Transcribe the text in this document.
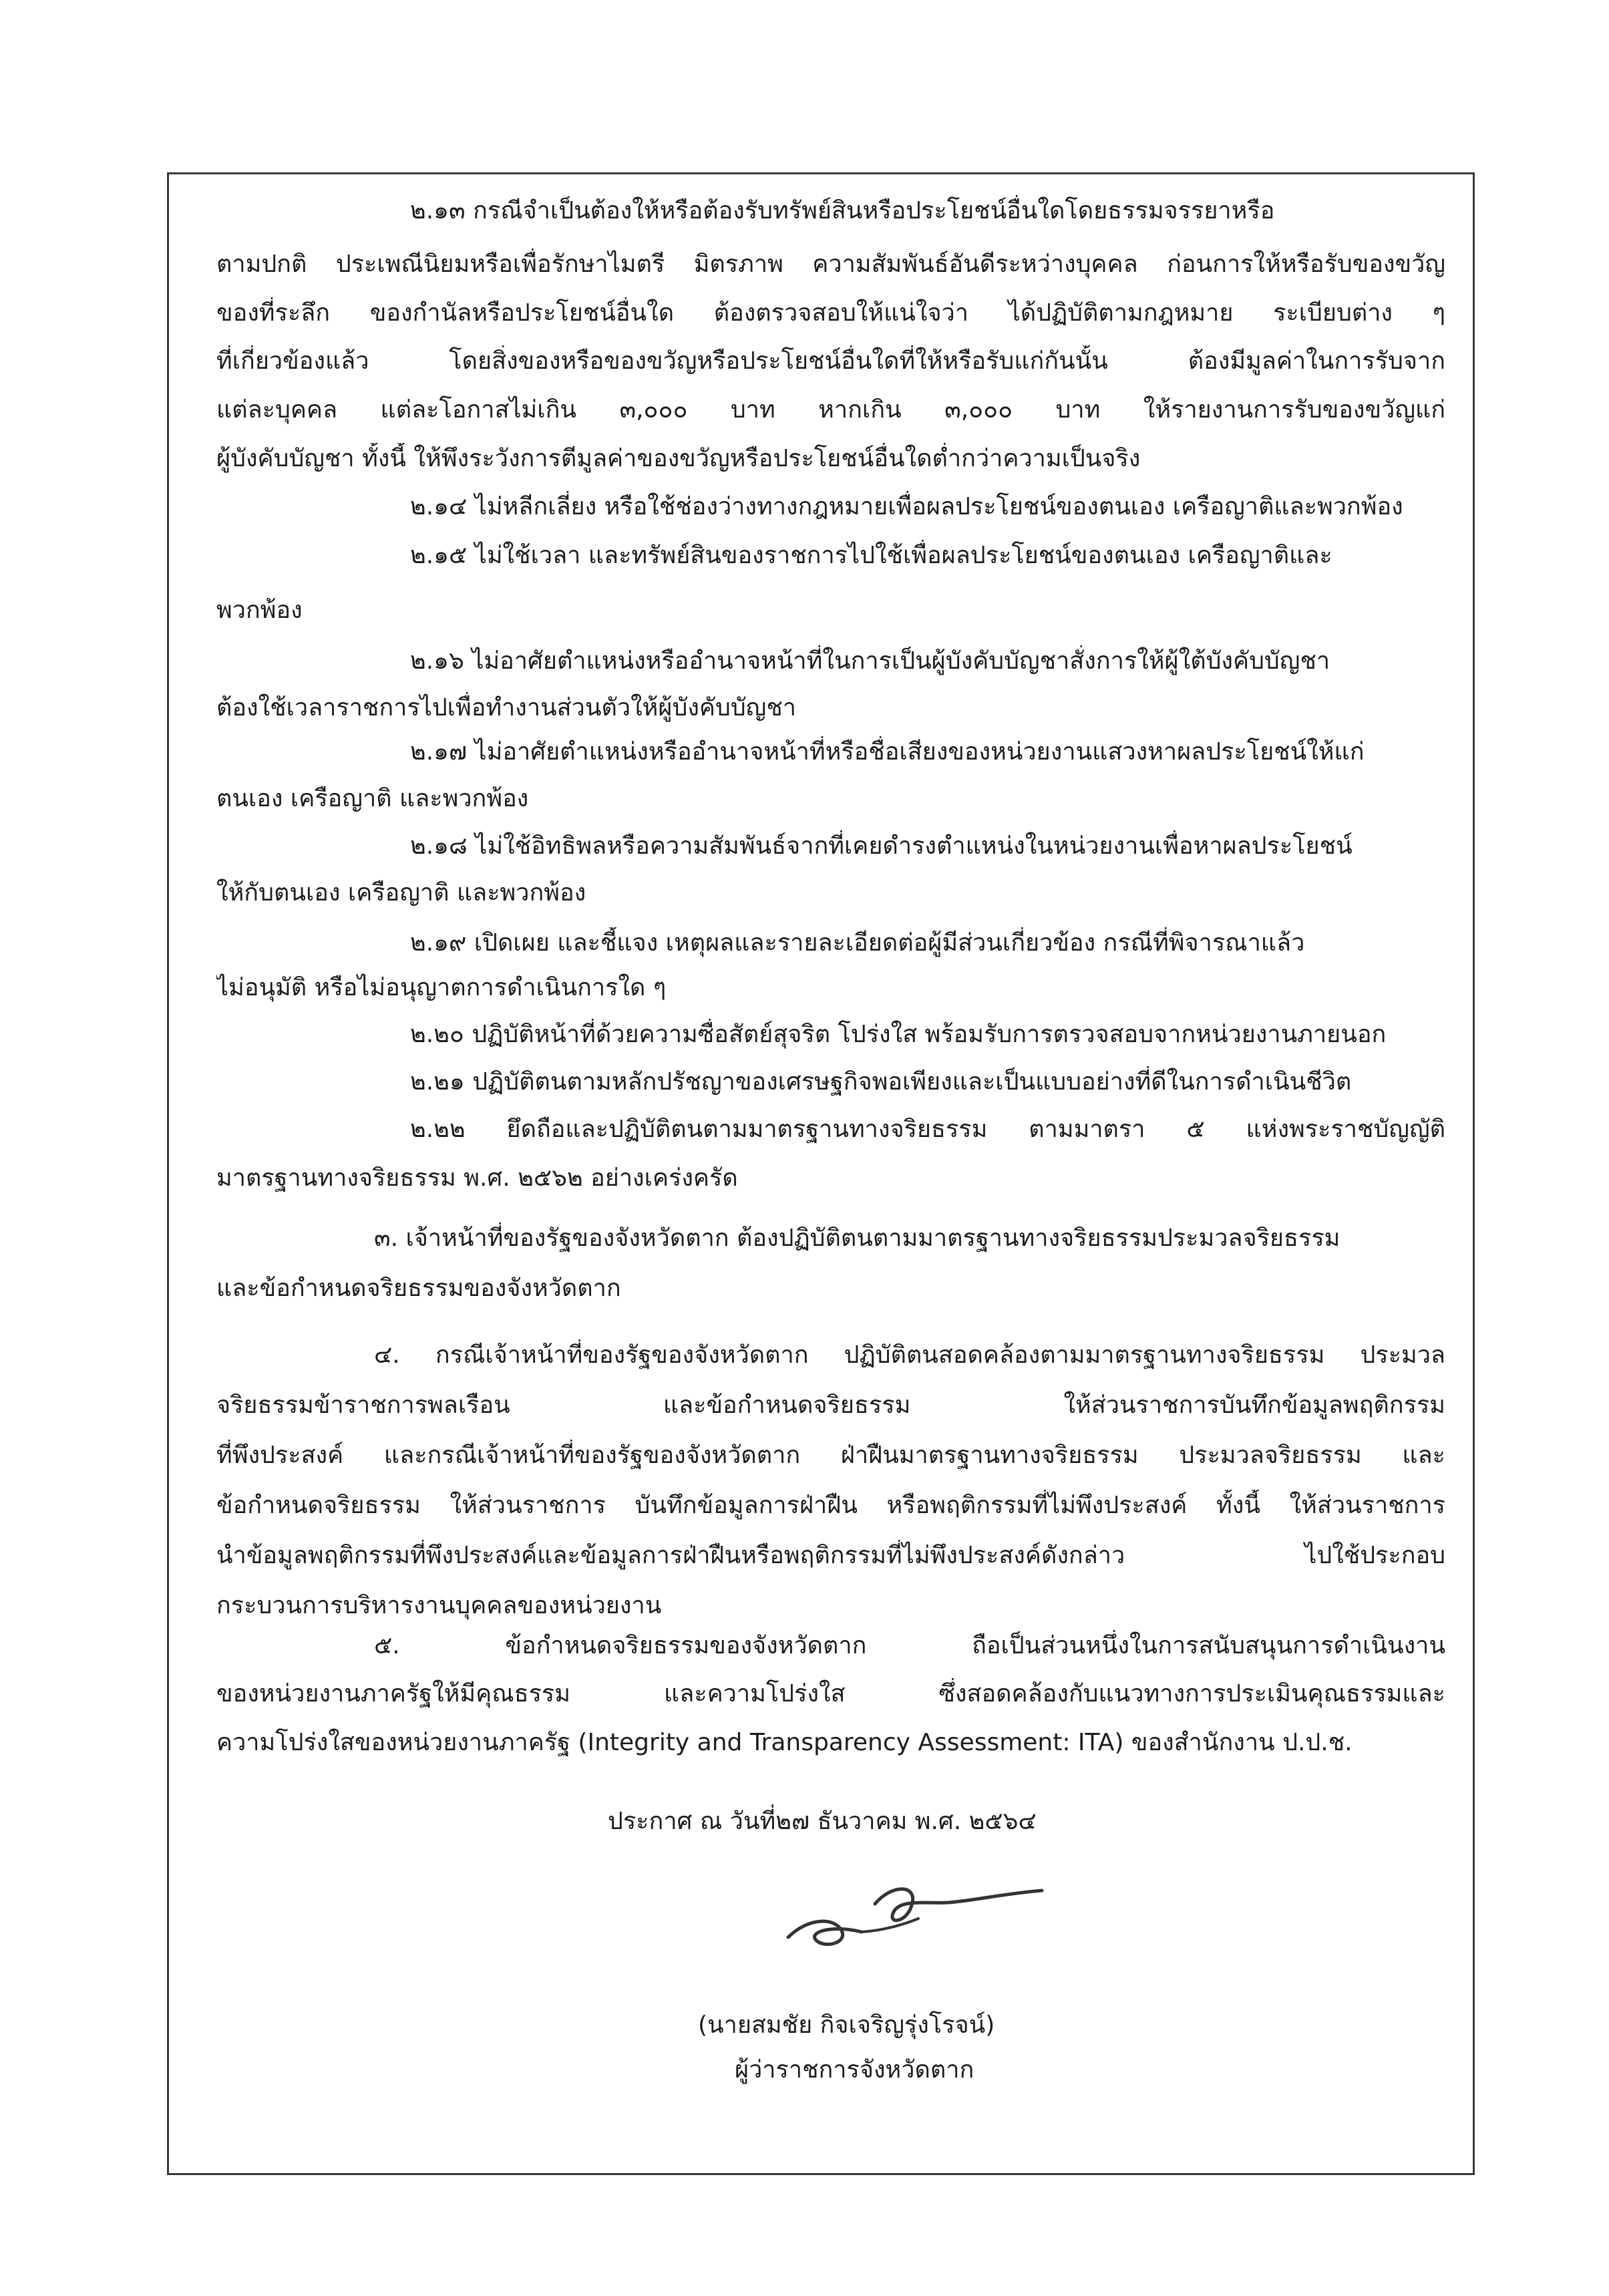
๒.๑๓ กรณีจำเป็นต้องให้หรือต้องรับทรัพย์สินหรือประโยชน์อื่นใดโดยธรรมจรรยาหรือ
ตามปกติ ประเพณีนิยมหรือเพื่อรักษาไมตรี มิตรภาพ ความสัมพันธ์อันดีระหว่างบุคคล ก่อนการให้หรือรับของขวัญ
ของที่ระลึก ของกำนัลหรือประโยชน์อื่นใด ต้องตรวจสอบให้แน่ใจว่า ได้ปฏิบัติตามกฎหมาย ระเบียบต่าง ๆ
ที่เกี่ยวข้องแล้ว โดยสิ่งของหรือของขวัญหรือประโยชน์อื่นใดที่ให้หรือรับแก่กันนั้น ต้องมีมูลค่าในการรับจาก
แต่ละบุคคล แต่ละโอกาสไม่เกิน ๓,๐๐๐ บาท หากเกิน ๓,๐๐๐ บาท ให้รายงานการรับของขวัญแก่
ผู้บังคับบัญชา ทั้งนี้ ให้พึงระวังการตีมูลค่าของขวัญหรือประโยชน์อื่นใดต่ำกว่าความเป็นจริง
๒.๑๔ ไม่หลีกเลี่ยง หรือใช้ช่องว่างทางกฎหมายเพื่อผลประโยชน์ของตนเอง เครือญาติและพวกพ้อง
๒.๑๕ ไม่ใช้เวลา และทรัพย์สินของราชการไปใช้เพื่อผลประโยชน์ของตนเอง เครือญาติและ
พวกพ้อง
๒.๑๖ ไม่อาศัยตำแหน่งหรืออำนาจหน้าที่ในการเป็นผู้บังคับบัญชาสั่งการให้ผู้ใต้บังคับบัญชา
ต้องใช้เวลาราชการไปเพื่อทำงานส่วนตัวให้ผู้บังคับบัญชา
๒.๑๗ ไม่อาศัยตำแหน่งหรืออำนาจหน้าที่หรือชื่อเสียงของหน่วยงานแสวงหาผลประโยชน์ให้แก่
ตนเอง เครือญาติ และพวกพ้อง
๒.๑๘ ไม่ใช้อิทธิพลหรือความสัมพันธ์จากที่เคยดำรงตำแหน่งในหน่วยงานเพื่อหาผลประโยชน์
ให้กับตนเอง เครือญาติ และพวกพ้อง
๒.๑๙ เปิดเผย และชี้แจง เหตุผลและรายละเอียดต่อผู้มีส่วนเกี่ยวข้อง กรณีที่พิจารณาแล้ว
ไม่อนุมัติ หรือไม่อนุญาตการดำเนินการใด ๆ
๒.๒๐ ปฏิบัติหน้าที่ด้วยความซื่อสัตย์สุจริต โปร่งใส พร้อมรับการตรวจสอบจากหน่วยงานภายนอก
๒.๒๑ ปฏิบัติตนตามหลักปรัชญาของเศรษฐกิจพอเพียงและเป็นแบบอย่างที่ดีในการดำเนินชีวิต
๒.๒๒ ยึดถือและปฏิบัติตนตามมาตรฐานทางจริยธรรม ตามมาตรา ๕ แห่งพระราชบัญญัติ
มาตรฐานทางจริยธรรม พ.ศ. ๒๕๖๒ อย่างเคร่งครัด
๓. เจ้าหน้าที่ของรัฐของจังหวัดตาก ต้องปฏิบัติตนตามมาตรฐานทางจริยธรรมประมวลจริยธรรม
และข้อกำหนดจริยธรรมของจังหวัดตาก
๔. กรณีเจ้าหน้าที่ของรัฐของจังหวัดตาก ปฏิบัติตนสอดคล้องตามมาตรฐานทางจริยธรรม ประมวล
จริยธรรมข้าราชการพลเรือน และข้อกำหนดจริยธรรม ให้ส่วนราชการบันทึกข้อมูลพฤติกรรม
ที่พึงประสงค์ และกรณีเจ้าหน้าที่ของรัฐของจังหวัดตาก ฝ่าฝืนมาตรฐานทางจริยธรรม ประมวลจริยธรรม และ
ข้อกำหนดจริยธรรม ให้ส่วนราชการ บันทึกข้อมูลการฝ่าฝืน หรือพฤติกรรมที่ไม่พึงประสงค์ ทั้งนี้ ให้ส่วนราชการ
นำข้อมูลพฤติกรรมที่พึงประสงค์และข้อมูลการฝ่าฝืนหรือพฤติกรรมที่ไม่พึงประสงค์ดังกล่าว ไปใช้ประกอบ
กระบวนการบริหารงานบุคคลของหน่วยงาน
๕. ข้อกำหนดจริยธรรมของจังหวัดตาก ถือเป็นส่วนหนึ่งในการสนับสนุนการดำเนินงาน
ของหน่วยงานภาครัฐให้มีคุณธรรม และความโปร่งใส ซึ่งสอดคล้องกับแนวทางการประเมินคุณธรรมและ
ความโปร่งใสของหน่วยงานภาครัฐ (Integrity and Transparency Assessment: ITA) ของสำนักงาน ป.ป.ช.
ประกาศ ณ วันที่๒๗ ธันวาคม พ.ศ. ๒๕๖๔
(นายสมชัย กิจเจริญรุ่งโรจน์)
ผู้ว่าราชการจังหวัดตาก
